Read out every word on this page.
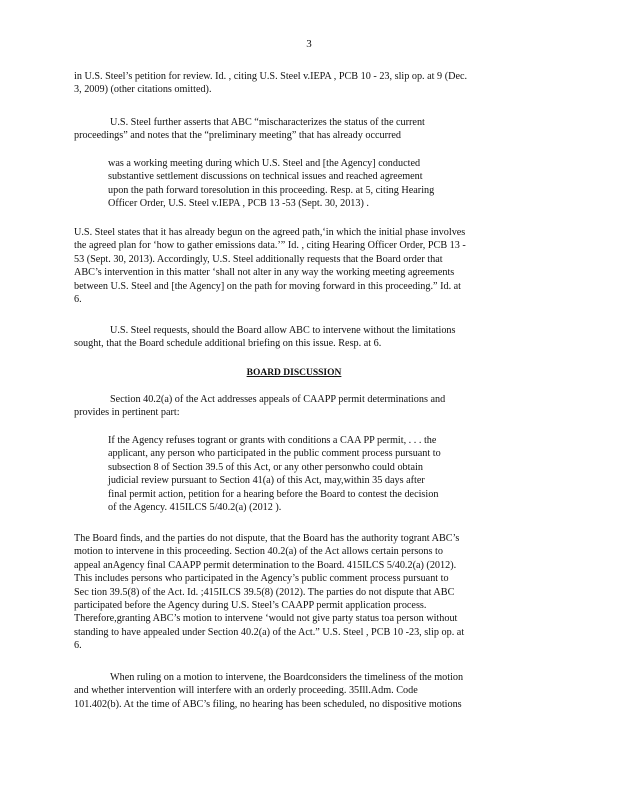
3
in U.S. Steel’s petition for review. Id. , citing U.S. Steel v.IEPA , PCB 10 - 23, slip op. at 9 (Dec.
3, 2009) (other citations omitted).
U.S. Steel further asserts that ABC “mischaracterizes the status of the current
proceedings” and notes that the “preliminary meeting” that has already occurred
was a working meeting during which U.S. Steel and [the Agency] conducted
substantive settlement discussions on technical issues and reached agreement
upon the path forward toresolution in this proceeding. Resp. at 5, citing Hearing
Officer Order, U.S. Steel v.IEPA , PCB 13 -53 (Sept. 30, 2013) .
U.S. Steel states that it has already begun on the agreed path,‘in which the initial phase involves
the agreed plan for ‘how to gather emissions data.’” Id. , citing Hearing Officer Order, PCB 13 -
53 (Sept. 30, 2013). Accordingly, U.S. Steel additionally requests that the Board order that
ABC’s intervention in this matter ‘shall not alter in any way the working meeting agreements
between U.S. Steel and [the Agency] on the path for moving forward in this proceeding.” Id. at
6.
U.S. Steel requests, should the Board allow ABC to intervene without the limitations
sought, that the Board schedule additional briefing on this issue. Resp. at 6.
BOARD DISCUSSION
Section 40.2(a) of the Act addresses appeals of CAAPP permit determinations and
provides in pertinent part:
If the Agency refuses togrant or grants with conditions a CAA PP permit, . . . the
applicant, any person who participated in the public comment process pursuant to
subsection 8 of Section 39.5 of this Act, or any other personwho could obtain
judicial review pursuant to Section 41(a) of this Act, may,within 35 days after
final permit action, petition for a hearing before the Board to contest the decision
of the Agency. 415ILCS 5/40.2(a) (2012 ).
The Board finds, and the parties do not dispute, that the Board has the authority togrant ABC’s
motion to intervene in this proceeding. Section 40.2(a) of the Act allows certain persons to
appeal anAgency final CAAPP permit determination to the Board. 415ILCS 5/40.2(a) (2012).
This includes persons who participated in the Agency’s public comment process pursuant to
Sec tion 39.5(8) of the Act. Id. ;415ILCS 39.5(8) (2012). The parties do not dispute that ABC
participated before the Agency during U.S. Steel’s CAAPP permit application process.
Therefore,granting ABC’s motion to intervene ‘would not give party status toa person without
standing to have appealed under Section 40.2(a) of the Act.” U.S. Steel , PCB 10 -23, slip op. at
6.
When ruling on a motion to intervene, the Boardconsiders the timeliness of the motion
and whether intervention will interfere with an orderly proceeding. 35Ill.Adm. Code
101.402(b). At the time of ABC’s filing, no hearing has been scheduled, no dispositive motions
